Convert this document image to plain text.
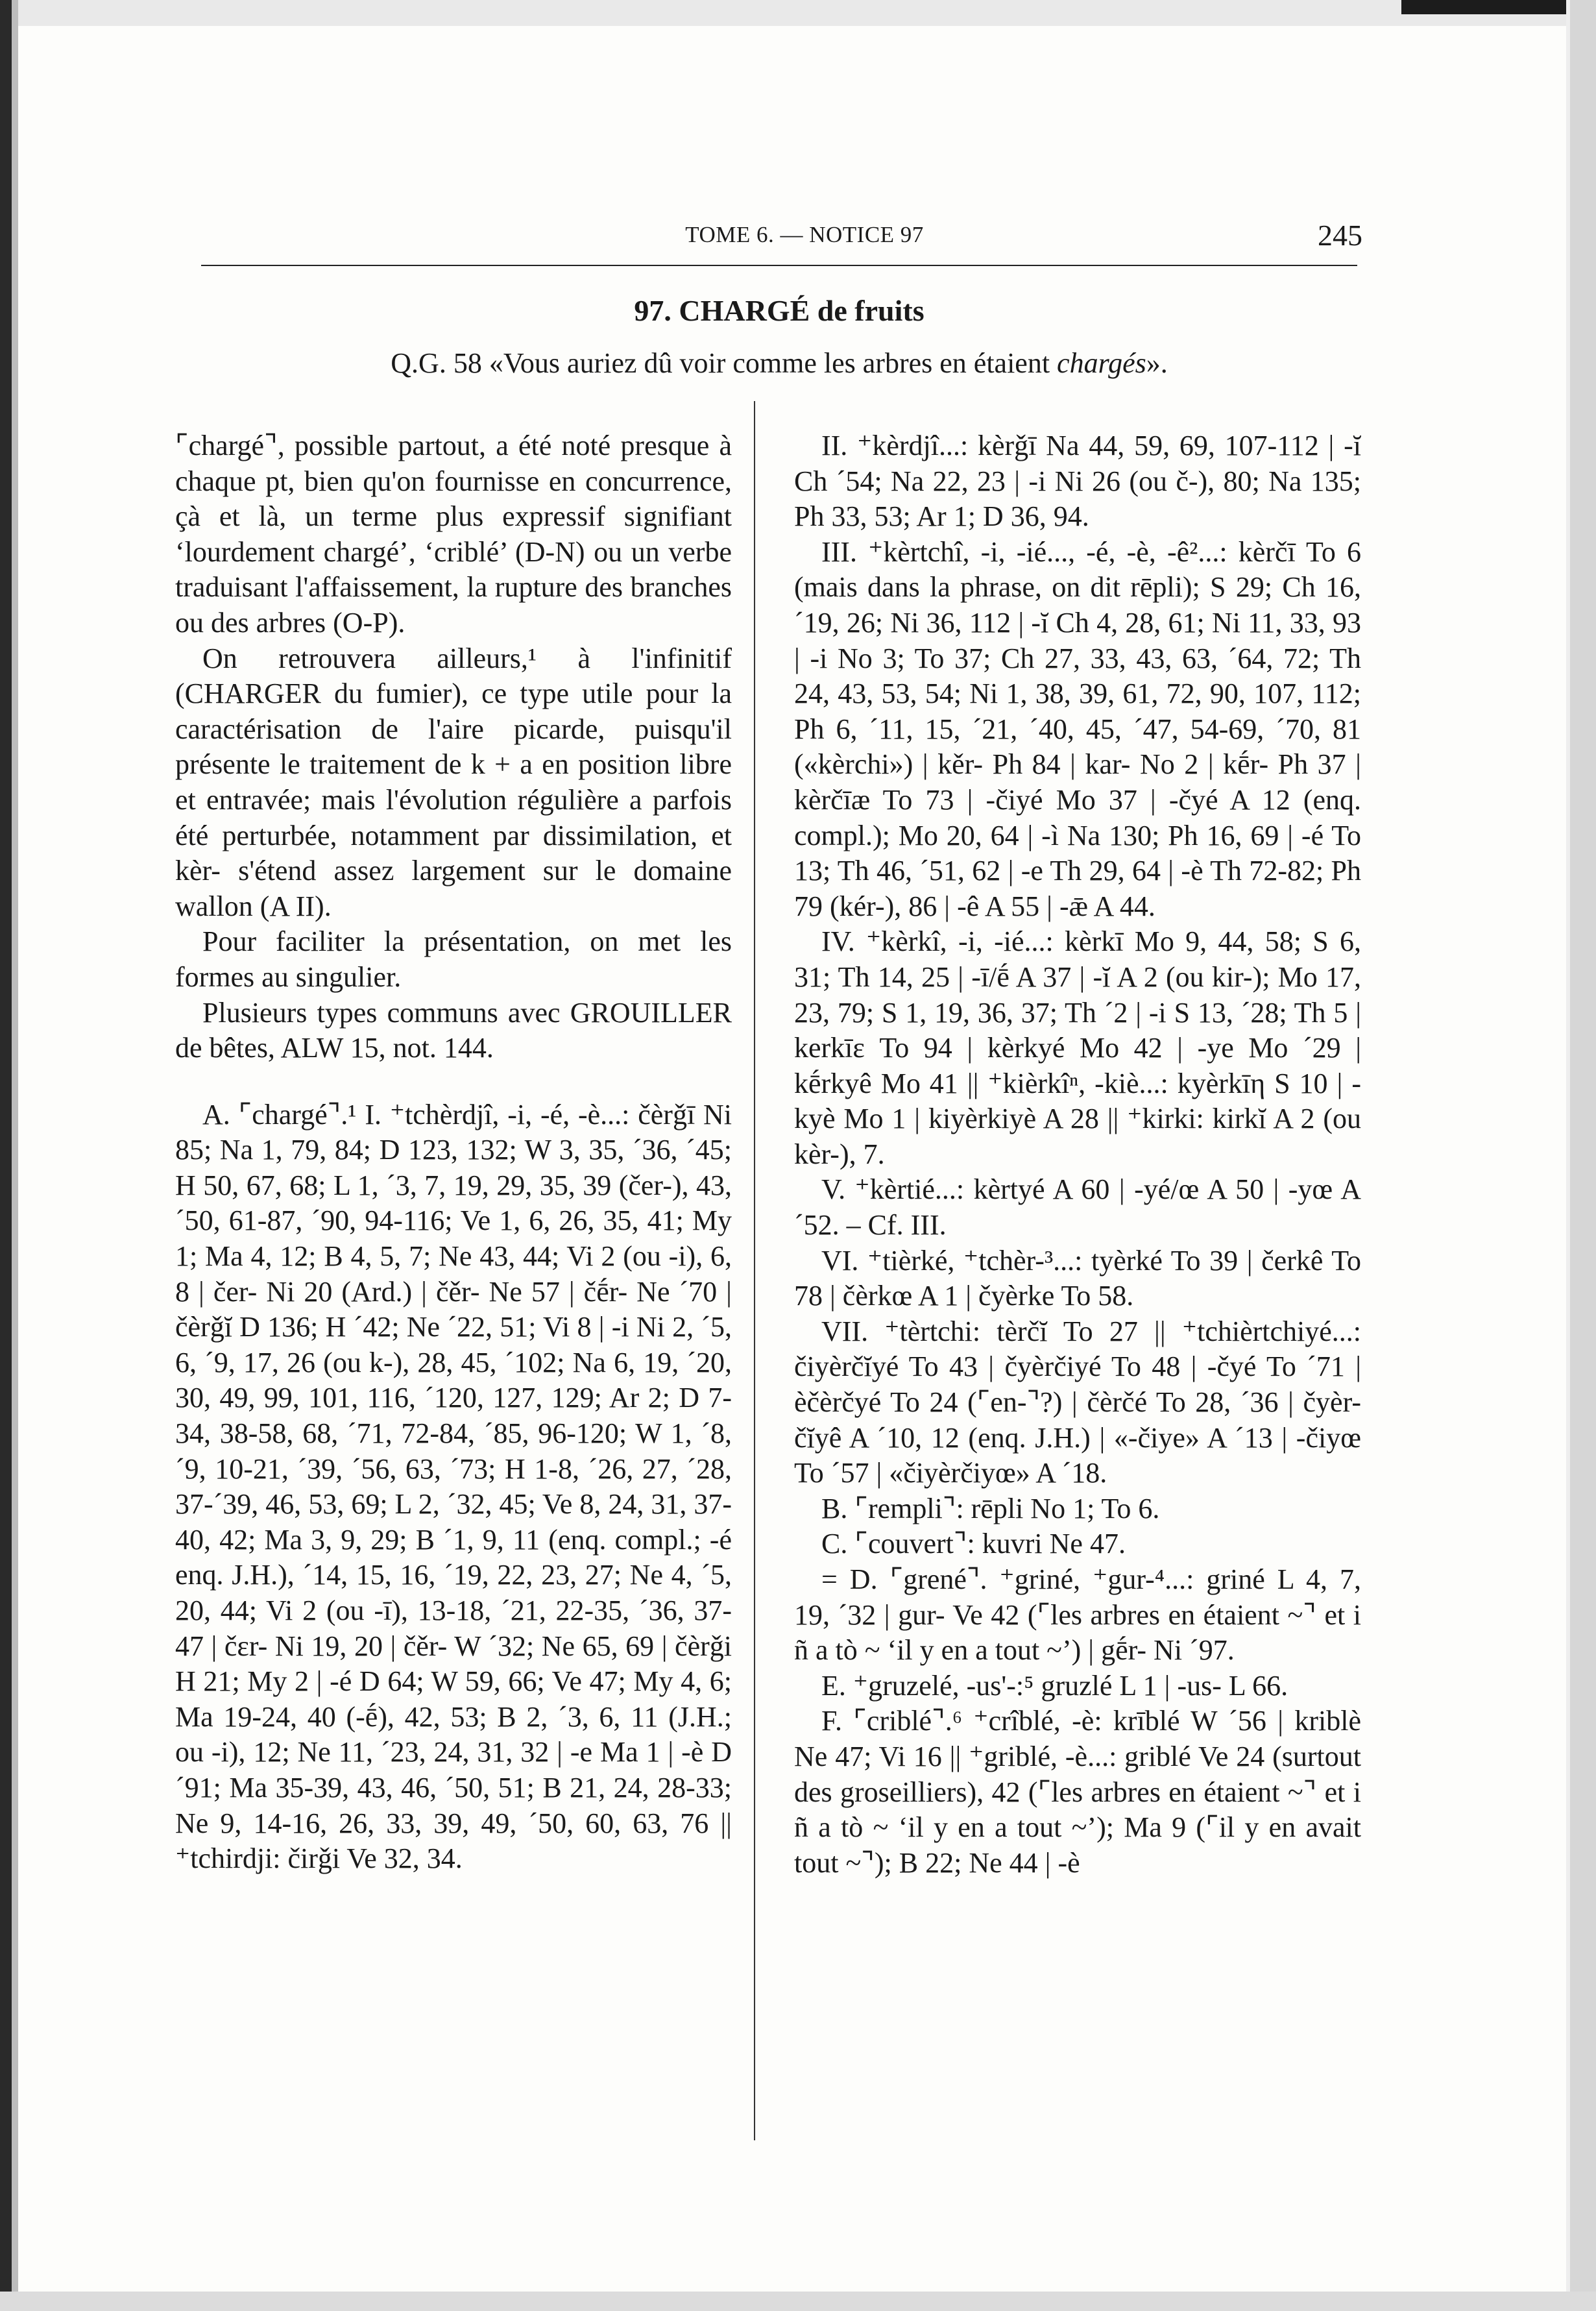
TOME 6. — NOTICE 97	245
97. CHARGÉ de fruits
Q.G. 58 «Vous auriez dû voir comme les arbres en étaient chargés».

⌜chargé⌝, possible partout, a été noté presque à chaque pt, bien qu'on fournisse en concurrence, çà et là, un terme plus expressif signifiant ‘lourdement chargé’, ‘criblé’ (D-N) ou un verbe traduisant l'affaissement, la rupture des branches ou des arbres (O-P).

On retrouvera ailleurs,¹ à l'infinitif (CHARGER du fumier), ce type utile pour la caractérisation de l'aire picarde, puisqu'il présente le traitement de k + a en position libre et entravée; mais l'évolution régulière a parfois été perturbée, notamment par dissimilation, et kèr- s'étend assez largement sur le domaine wallon (A II).

Pour faciliter la présentation, on met les formes au singulier.

Plusieurs types communs avec GROUILLER de bêtes, ALW 15, not. 144.

A. ⌜chargé⌝.¹ I. ⁺tchèrdjî, -i, -é, -è...: čèrǧī Ni 85; Na 1, 79, 84; D 123, 132; W 3, 35, ´36, ´45; H 50, 67, 68; L 1, ´3, 7, 19, 29, 35, 39 (čer-), 43, ´50, 61-87, ´90, 94-116; Ve 1, 6, 26, 35, 41; My 1; Ma 4, 12; B 4, 5, 7; Ne 43, 44; Vi 2 (ou -i), 6, 8 | čer- Ni 20 (Ard.) | čěr- Ne 57 | čḗr- Ne ´70 | čèrǧĭ D 136; H ´42; Ne ´22, 51; Vi 8 | -i Ni 2, ´5, 6, ´9, 17, 26 (ou k-), 28, 45, ´102; Na 6, 19, ´20, 30, 49, 99, 101, 116, ´120, 127, 129; Ar 2; D 7-34, 38-58, 68, ´71, 72-84, ´85, 96-120; W 1, ´8, ´9, 10-21, ´39, ´56, 63, ´73; H 1-8, ´26, 27, ´28, 37-´39, 46, 53, 69; L 2, ´32, 45; Ve 8, 24, 31, 37-40, 42; Ma 3, 9, 29; B ´1, 9, 11 (enq. compl.; -é enq. J.H.), ´14, 15, 16, ´19, 22, 23, 27; Ne 4, ´5, 20, 44; Vi 2 (ou -ī), 13-18, ´21, 22-35, ´36, 37-47 | čεr- Ni 19, 20 | čěr- W ´32; Ne 65, 69 | čèrǧi H 21; My 2 | -é D 64; W 59, 66; Ve 47; My 4, 6; Ma 19-24, 40 (-ḗ), 42, 53; B 2, ´3, 6, 11 (J.H.; ou -i), 12; Ne 11, ´23, 24, 31, 32 | -e Ma 1 | -è D ´91; Ma 35-39, 43, 46, ´50, 51; B 21, 24, 28-33; Ne 9, 14-16, 26, 33, 39, 49, ´50, 60, 63, 76 || ⁺tchirdji: čirǧi Ve 32, 34.

II. ⁺kèrdjî...: kèrǧī Na 44, 59, 69, 107-112 | -ĭ Ch ´54; Na 22, 23 | -i Ni 26 (ou č-), 80; Na 135; Ph 33, 53; Ar 1; D 36, 94.

III. ⁺kèrtchî, -i, -ié..., -é, -è, -ê²...: kèrčī To 6 (mais dans la phrase, on dit rēpli); S 29; Ch 16, ´19, 26; Ni 36, 112 | -ĭ Ch 4, 28, 61; Ni 11, 33, 93 | -i No 3; To 37; Ch 27, 33, 43, 63, ´64, 72; Th 24, 43, 53, 54; Ni 1, 38, 39, 61, 72, 90, 107, 112; Ph 6, ´11, 15, ´21, ´40, 45, ´47, 54-69, ´70, 81 («kèrchi») | kěr- Ph 84 | kar- No 2 | kḗr- Ph 37 | kèrčīæ To 73 | -čiyé Mo 37 | -čyé A 12 (enq. compl.); Mo 20, 64 | -ì Na 130; Ph 16, 69 | -é To 13; Th 46, ´51, 62 | -e Th 29, 64 | -è Th 72-82; Ph 79 (kér-), 86 | -ê A 55 | -ǣ A 44.

IV. ⁺kèrkî, -i, -ié...: kèrkī Mo 9, 44, 58; S 6, 31; Th 14, 25 | -ī/ḗ A 37 | -ĭ A 2 (ou kir-); Mo 17, 23, 79; S 1, 19, 36, 37; Th ´2 | -i S 13, ´28; Th 5 | kerkīε To 94 | kèrkyé Mo 42 | -ye Mo ´29 | kḗrkyê Mo 41 || ⁺kièrkîⁿ, -kiè...: kyèrkīη S 10 | -kyè Mo 1 | kiyèrkiyè A 28 || ⁺kirki: kirkĭ A 2 (ou kèr-), 7.

V. ⁺kèrtié...: kèrtyé A 60 | -yé/œ A 50 | -yœ A ´52. – Cf. III.

VI. ⁺tièrké, ⁺tchèr-³...: tyèrké To 39 | čerkê To 78 | čèrkœ A 1 | čyèrke To 58.

VII. ⁺tèrtchi: tèrčĭ To 27 || ⁺tchièrtchiyé...: čiyèrčĭyé To 43 | čyèrčiyé To 48 | -čyé To ´71 | èčèrčyé To 24 (⌜en-⌝?) | čèrčé To 28, ´36 | čyèr-čĭyê A ´10, 12 (enq. J.H.) | «-čiye» A ´13 | -čiyœ To ´57 | «čiyèrčiyœ» A ´18.

B. ⌜rempli⌝: rēpli No 1; To 6.

C. ⌜couvert⌝: kuvri Ne 47.

= D. ⌜grené⌝. ⁺griné, ⁺gur-⁴...: griné L 4, 7, 19, ´32 | gur- Ve 42 (⌜les arbres en étaient ~⌝ et i ñ a tò ~ ‘il y en a tout ~’) | gḗr- Ni ´97.

E. ⁺gruzelé, -us'-:⁵ gruzlé L 1 | -us- L 66.

F. ⌜criblé⌝.⁶ ⁺crîblé, -è: krīblé W ´56 | kriblè Ne 47; Vi 16 || ⁺griblé, -è...: griblé Ve 24 (surtout des groseilliers), 42 (⌜les arbres en étaient ~⌝ et i ñ a tò ~ ‘il y en a tout ~’); Ma 9 (⌜il y en avait tout ~⌝); B 22; Ne 44 | -è
